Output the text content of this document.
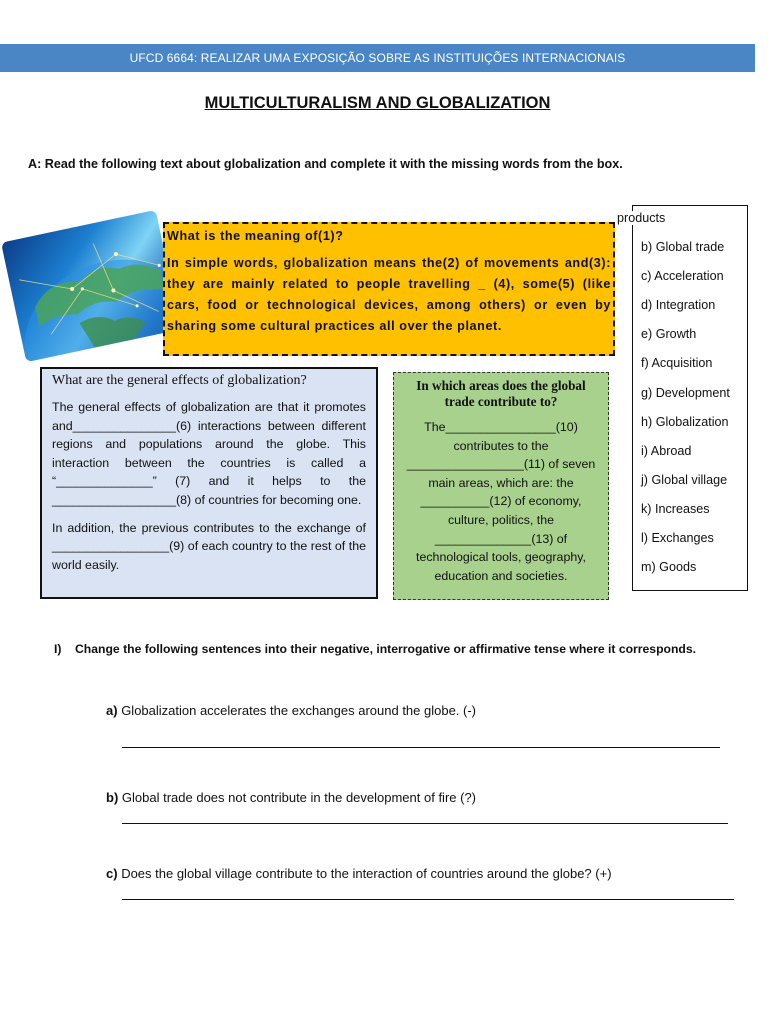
UFCD 6664: REALIZAR UMA EXPOSIÇÃO SOBRE AS INSTITUIÇÕES INTERNACIONAIS
MULTICULTURALISM AND GLOBALIZATION
A: Read the following text about globalization and complete it with the missing words from the box.

What is the meaning of(1)?

In simple words, globalization means the(2) of movements and(3): they are mainly related to people travelling _ (4), some(5) (like cars, food or technological devices, among others) or even by sharing some cultural practices all over the planet.

b) Global trade
c) Acceleration
d) Integration
e) Growth
f) Acquisition
g) Development
h) Globalization
i) Abroad
j) Global village
k) Increases
l) Exchanges
m) Goods
products
What are the general effects of globalization?

The general effects of globalization are that it promotes and_______________(6) interactions between different regions and populations around the globe. This interaction between the countries is called a “______________” (7) and it helps to the __________________(8) of countries for becoming one.

In addition, the previous contributes to the exchange of _________________(9) of each country to the rest of the world easily.

In which areas does the global trade contribute to?

The________________(10) contributes to the _________________(11) of seven main areas, which are: the __________(12) of economy, culture, politics, the ______________(13) of technological tools, geography, education and societies.

I) Change the following sentences into their negative, interrogative or affirmative tense where it corresponds.
a) Globalization accelerates the exchanges around the globe. (-)
b) Global trade does not contribute in the development of fire (?)
c) Does the global village contribute to the interaction of countries around the globe? (+)
